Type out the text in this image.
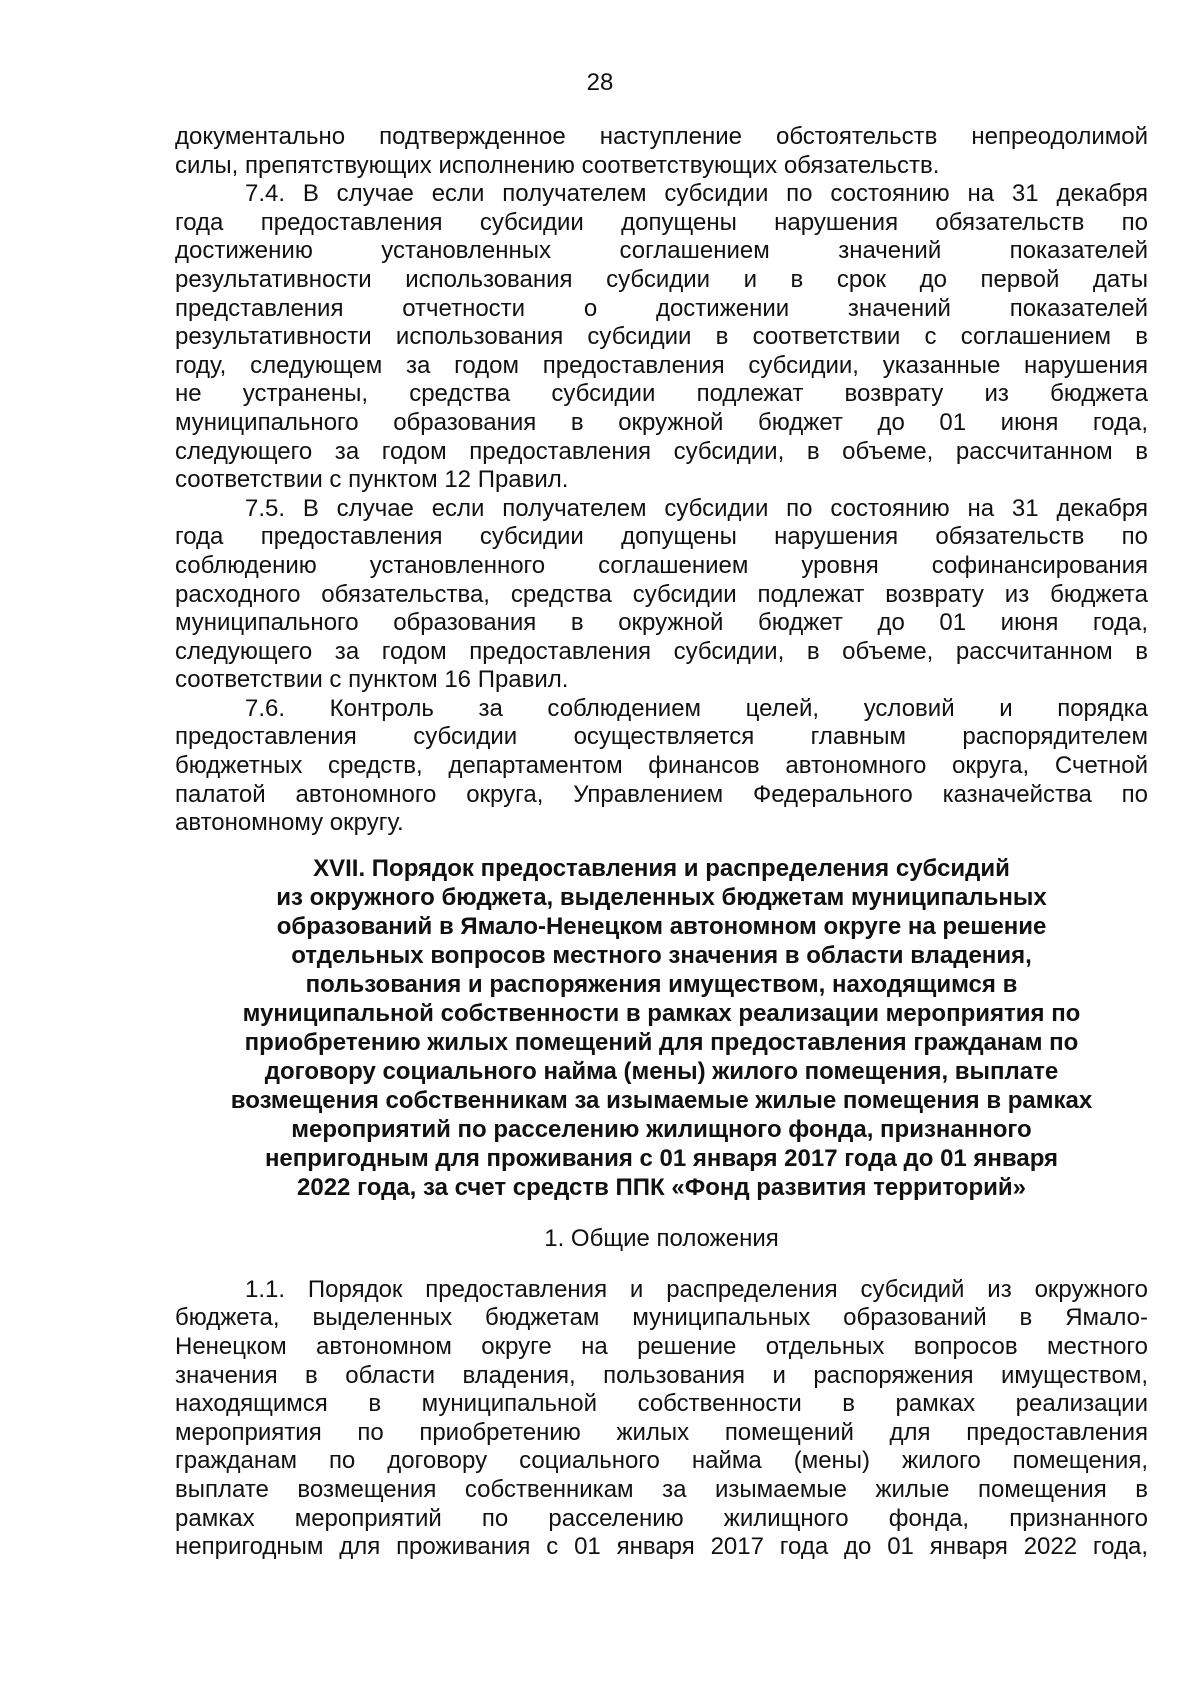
28
документально подтвержденное наступление обстоятельств непреодолимой
силы, препятствующих исполнению соответствующих обязательств.
7.4. В случае если получателем субсидии по состоянию на 31 декабря
года предоставления субсидии допущены нарушения обязательств по
достижению установленных соглашением значений показателей
результативности использования субсидии и в срок до первой даты
представления отчетности о достижении значений показателей
результативности использования субсидии в соответствии с соглашением в
году, следующем за годом предоставления субсидии, указанные нарушения
не устранены, средства субсидии подлежат возврату из бюджета
муниципального образования в окружной бюджет до 01 июня года,
следующего за годом предоставления субсидии, в объеме, рассчитанном в
соответствии с пунктом 12 Правил.
7.5. В случае если получателем субсидии по состоянию на 31 декабря
года предоставления субсидии допущены нарушения обязательств по
соблюдению установленного соглашением уровня софинансирования
расходного обязательства, средства субсидии подлежат возврату из бюджета
муниципального образования в окружной бюджет до 01 июня года,
следующего за годом предоставления субсидии, в объеме, рассчитанном в
соответствии с пунктом 16 Правил.
7.6. Контроль за соблюдением целей, условий и порядка
предоставления субсидии осуществляется главным распорядителем
бюджетных средств, департаментом финансов автономного округа, Счетной
палатой автономного округа, Управлением Федерального казначейства по
автономному округу.
XVII. Порядок предоставления и распределения субсидий
из окружного бюджета, выделенных бюджетам муниципальных
образований в Ямало-Ненецком автономном округе на решение
отдельных вопросов местного значения в области владения,
пользования и распоряжения имуществом, находящимся в
муниципальной собственности в рамках реализации мероприятия по
приобретению жилых помещений для предоставления гражданам по
договору социального найма (мены) жилого помещения, выплате
возмещения собственникам за изымаемые жилые помещения в рамках
мероприятий по расселению жилищного фонда, признанного
непригодным для проживания с 01 января 2017 года до 01 января
2022 года, за счет средств ППК «Фонд развития территорий»
1. Общие положения
1.1. Порядок предоставления и распределения субсидий из окружного
бюджета, выделенных бюджетам муниципальных образований в Ямало-
Ненецком автономном округе на решение отдельных вопросов местного
значения в области владения, пользования и распоряжения имуществом,
находящимся в муниципальной собственности в рамках реализации
мероприятия по приобретению жилых помещений для предоставления
гражданам по договору социального найма (мены) жилого помещения,
выплате возмещения собственникам за изымаемые жилые помещения в
рамках мероприятий по расселению жилищного фонда, признанного
непригодным для проживания с 01 января 2017 года до 01 января 2022 года,
